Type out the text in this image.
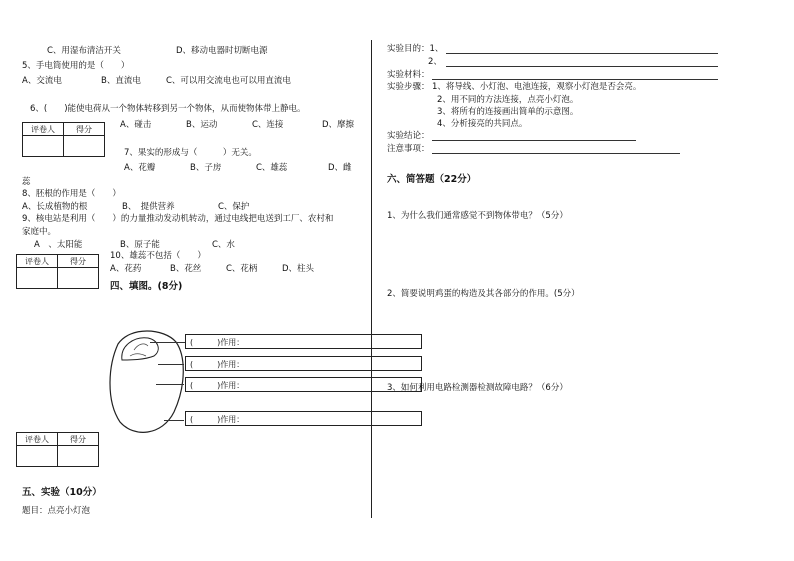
C、用湿布清洁开关	D、移动电器时切断电源
5、手电筒使用的是（　　）
A、交流电	B、直流电	C、可以用交流电也可以用直流电
6、(　　)能使电荷从一个物体转移到另一个物体，从而使物体带上静电。
A、碰击	B、运动	C、连接	D、摩擦
评卷人	得分

7、果实的形成与（　　　）无关。
A、花瓣	B、子房	C、雄蕊	D、雌
蕊
8、胚根的作用是（　　）
A、长成植物的根	B、　提供营养	C、保护
9、核电站是利用（　　）的力量推动发动机转动，通过电线把电送到工厂、农村和
家庭中。
A　、太阳能	B、原子能	C、水
评卷人	得分
		10、雄蕊不包括（　　）
A、花药	B、花丝	C、花柄	D、柱头
四、填图。(8分)
(　　　)作用：
(　　　)作用：
(　　　)作用：
(　　　)作用：
评卷人	得分

五、实验（10分）
题目：点亮小灯泡
实验目的：1、
2、
实验材料：
实验步骤： 1、将导线、小灯泡、电池连接，观察小灯泡是否会亮。
2、用不同的方法连接，点亮小灯泡。
3、将所有的连接画出简单的示意图。
4、分析接亮的共同点。
实验结论：
注意事项：
六、简答题（22分）
1、为什么我们通常感觉不到物体带电？（5分）
2、简要说明鸡蛋的构造及其各部分的作用。(5分）
3、如何利用电路检测器检测故障电路？（6分）
